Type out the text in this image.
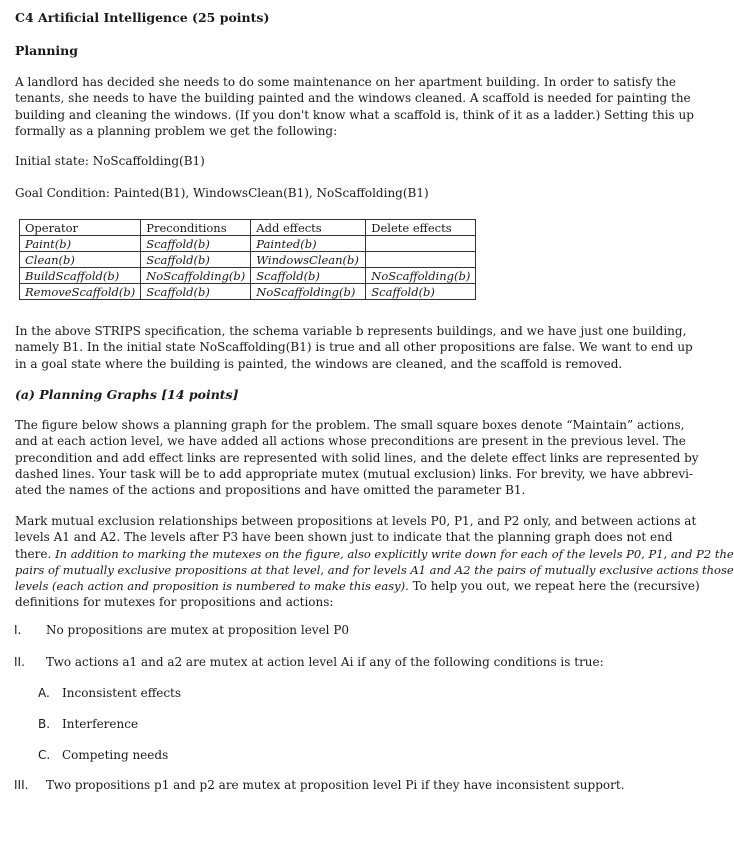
C4 Artificial Intelligence (25 points)
Planning
A landlord has decided she needs to do some maintenance on her apartment building. In order to satisfy the
tenants, she needs to have the building painted and the windows cleaned. A scaffold is needed for painting the
building and cleaning the windows. (If you don't know what a scaffold is, think of it as a ladder.) Setting this up
formally as a planning problem we get the following:
Initial state: NoScaffolding(B1)
Goal Condition: Painted(B1), WindowsClean(B1), NoScaffolding(B1)
Operator	Preconditions	Add effects	Delete effects
Paint(b)	Scaffold(b)	Painted(b)	
Clean(b)	Scaffold(b)	WindowsClean(b)	
BuildScaffold(b)	NoScaffolding(b)	Scaffold(b)	NoScaffolding(b)
RemoveScaffold(b)	Scaffold(b)	NoScaffolding(b)	Scaffold(b)
In the above STRIPS specification, the schema variable b represents buildings, and we have just one building,
namely B1. In the initial state NoScaffolding(B1) is true and all other propositions are false. We want to end up
in a goal state where the building is painted, the windows are cleaned, and the scaffold is removed.
(a) Planning Graphs [14 points]
The figure below shows a planning graph for the problem. The small square boxes denote “Maintain” actions,
and at each action level, we have added all actions whose preconditions are present in the previous level. The
precondition and add effect links are represented with solid lines, and the delete effect links are represented by
dashed lines. Your task will be to add appropriate mutex (mutual exclusion) links. For brevity, we have abbrevi-
ated the names of the actions and propositions and have omitted the parameter B1.
Mark mutual exclusion relationships between propositions at levels P0, P1, and P2 only, and between actions at
levels A1 and A2. The levels after P3 have been shown just to indicate that the planning graph does not end
there. In addition to marking the mutexes on the figure, also explicitly write down for each of the levels P0, P1, and P2 the
pairs of mutually exclusive propositions at that level, and for levels A1 and A2 the pairs of mutually exclusive actions those
levels (each action and proposition is numbered to make this easy). To help you out, we repeat here the (recursive)
definitions for mutexes for propositions and actions:
I. No propositions are mutex at proposition level P0
II. Two actions a1 and a2 are mutex at action level Ai if any of the following conditions is true:
A. Inconsistent effects
B. Interference
C. Competing needs
III. Two propositions p1 and p2 are mutex at proposition level Pi if they have inconsistent support.
